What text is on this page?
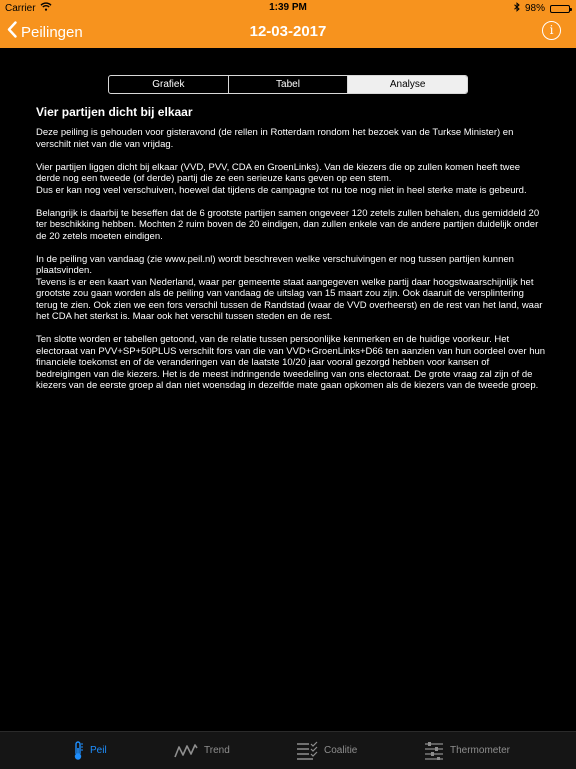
Carrier	1:39 PM	98%
Peilingen	12-03-2017	i
Grafiek	Tabel	Analyse
Vier partijen dicht bij elkaar

Deze peiling is gehouden voor gisteravond (de rellen in Rotterdam rondom het bezoek van de Turkse Minister) en verschilt niet van die van vrijdag.

Vier partijen liggen dicht bij elkaar (VVD, PVV, CDA en GroenLinks). Van de kiezers die op zullen komen heeft twee derde nog een tweede (of derde) partij die ze een serieuze kans geven op een stem.
Dus er kan nog veel verschuiven, hoewel dat tijdens de campagne tot nu toe nog niet in heel sterke mate is gebeurd.

Belangrijk is daarbij te beseffen dat de 6 grootste partijen samen ongeveer 120 zetels zullen behalen, dus gemiddeld 20 ter beschikking hebben. Mochten 2 ruim boven de 20 eindigen, dan zullen enkele van de andere partijen duidelijk onder de 20 zetels moeten eindigen.

In de peiling van vandaag (zie www.peil.nl) wordt beschreven welke verschuivingen er nog tussen partijen kunnen plaatsvinden.
Tevens is er een kaart van Nederland, waar per gemeente staat aangegeven welke partij daar hoogstwaarschijnlijk het grootste zou gaan worden als de peiling van vandaag de uitslag van 15 maart zou zijn. Ook daaruit de versplintering terug te zien. Ook zien we een fors verschil tussen de Randstad (waar de VVD overheerst) en de rest van het land, waar het CDA het sterkst is. Maar ook het verschil tussen steden en de rest.

Ten slotte worden er tabellen getoond, van de relatie tussen persoonlijke kenmerken en de huidige voorkeur. Het electoraat van PVV+SP+50PLUS verschilt fors van die van VVD+GroenLinks+D66 ten aanzien van hun oordeel over hun financiele toekomst en of de veranderingen van de laatste 10/20 jaar vooral gezorgd hebben voor kansen of bedreigingen van die kiezers. Het is de meest indringende tweedeling van ons electoraat. De grote vraag zal zijn of de kiezers van de eerste groep al dan niet woensdag in dezelfde mate gaan opkomen als de kiezers van de tweede groep.

Peil	Trend	Coalitie	Thermometer
